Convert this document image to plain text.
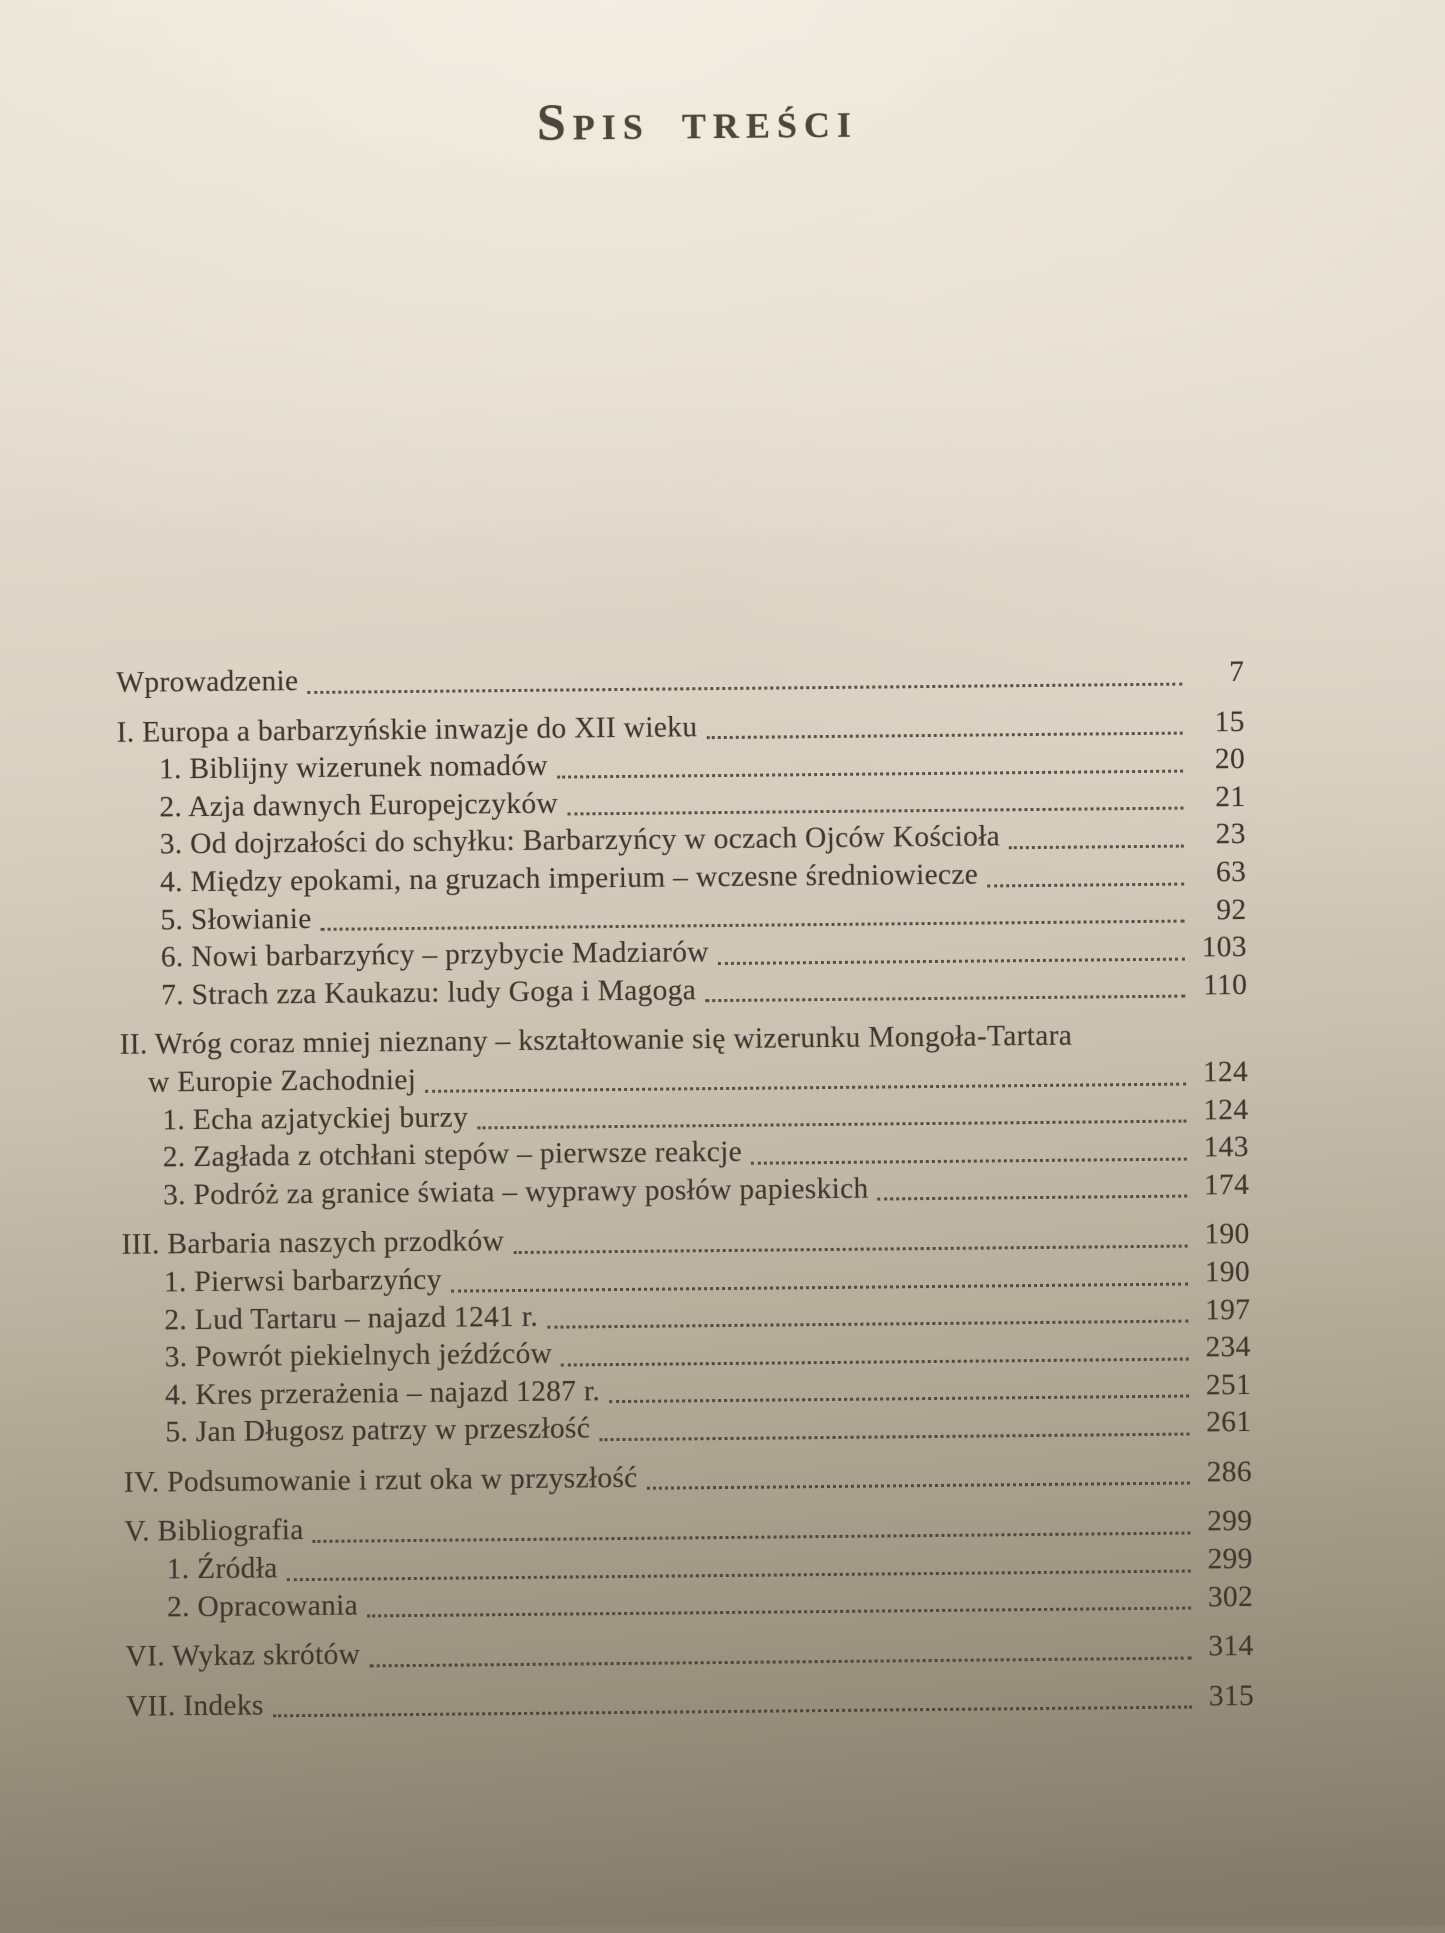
Spis treści
Wprowadzenie	7
I. Europa a barbarzyńskie inwazje do XII wieku	15
1. Biblijny wizerunek nomadów	20
2. Azja dawnych Europejczyków	21
3. Od dojrzałości do schyłku: Barbarzyńcy w oczach Ojców Kościoła	23
4. Między epokami, na gruzach imperium – wczesne średniowiecze	63
5. Słowianie	92
6. Nowi barbarzyńcy – przybycie Madziarów	103
7. Strach zza Kaukazu: ludy Goga i Magoga	110
II. Wróg coraz mniej nieznany – kształtowanie się wizerunku Mongoła-Tartara
w Europie Zachodniej	124
1. Echa azjatyckiej burzy	124
2. Zagłada z otchłani stepów – pierwsze reakcje	143
3. Podróż za granice świata – wyprawy posłów papieskich	174
III. Barbaria naszych przodków	190
1. Pierwsi barbarzyńcy	190
2. Lud Tartaru – najazd 1241 r.	197
3. Powrót piekielnych jeźdźców	234
4. Kres przerażenia – najazd 1287 r.	251
5. Jan Długosz patrzy w przeszłość	261
IV. Podsumowanie i rzut oka w przyszłość	286
V. Bibliografia	299
1. Źródła	299
2. Opracowania	302
VI. Wykaz skrótów	314
VII. Indeks	315
